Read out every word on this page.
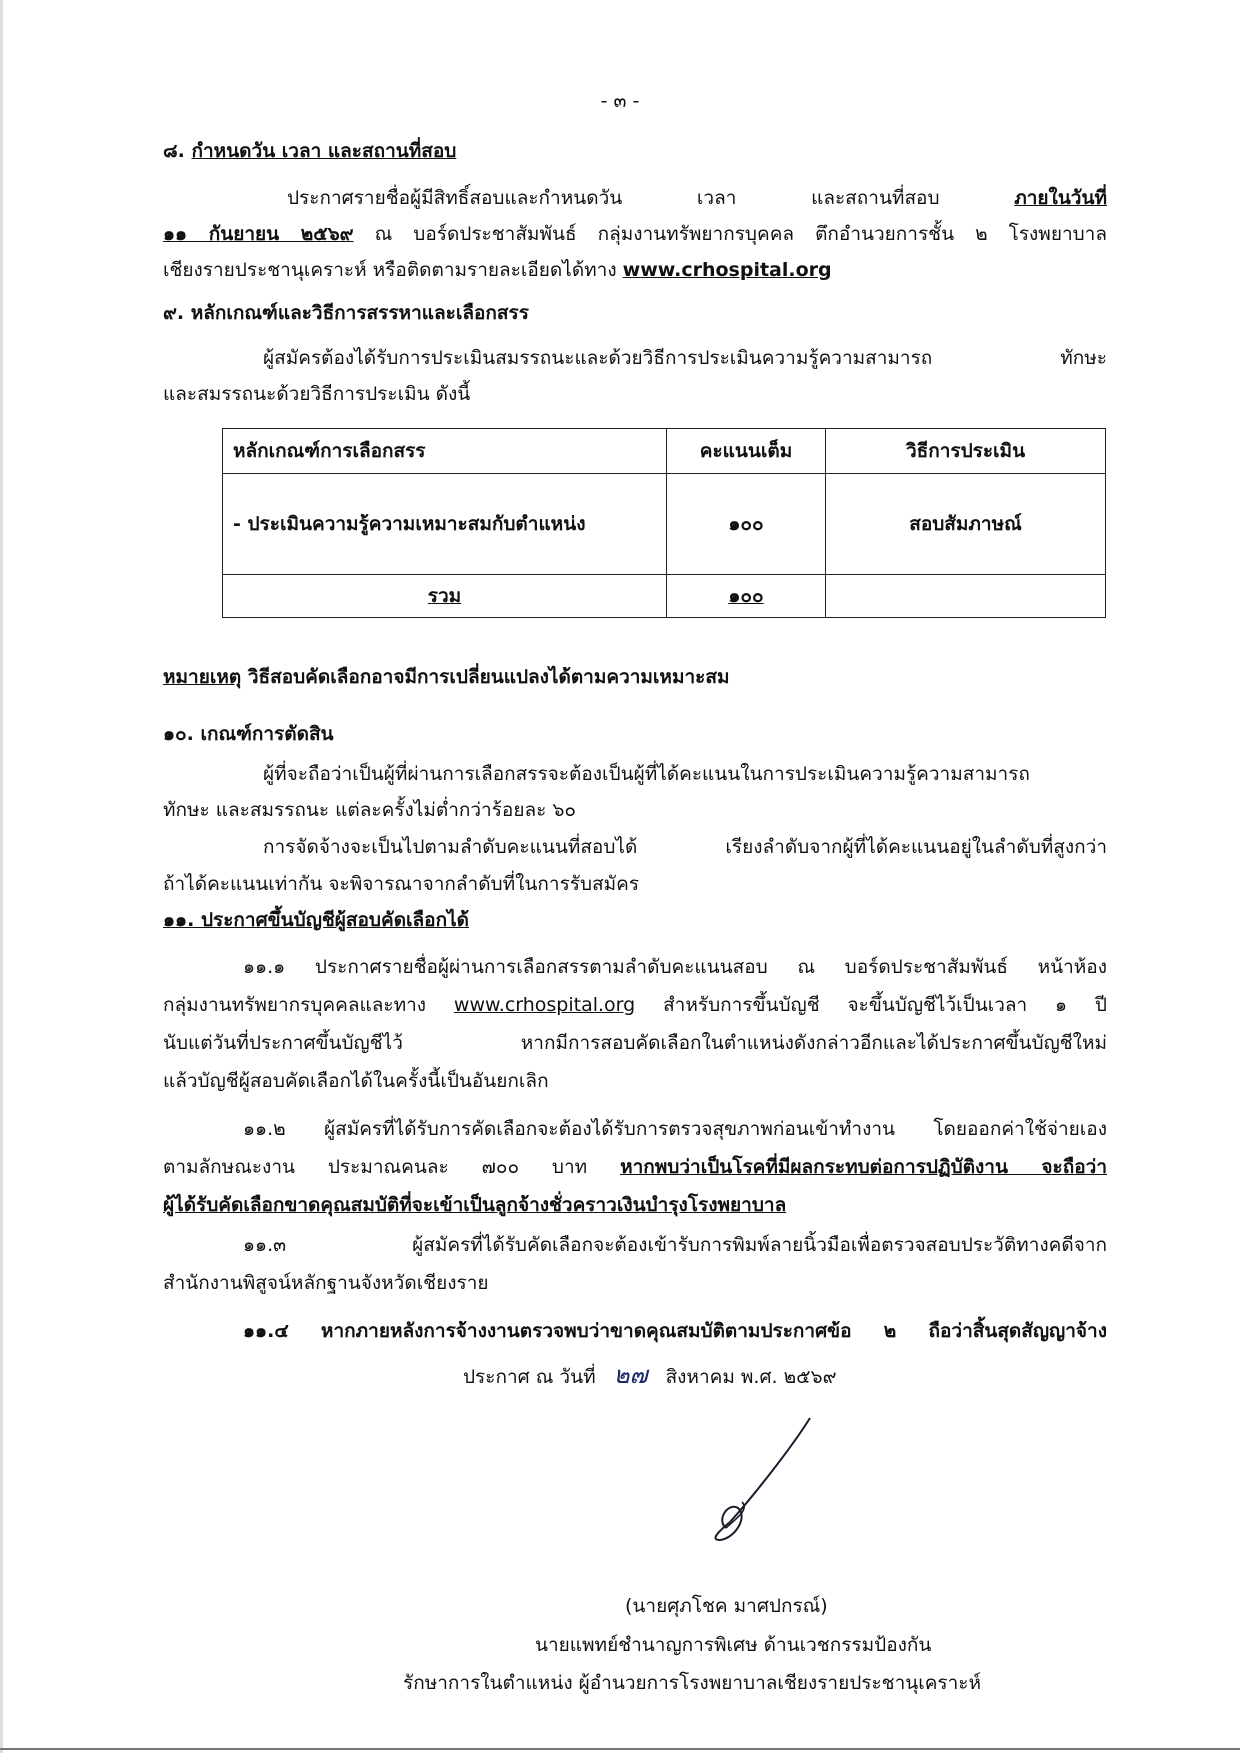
- ๓ -
๘. กำหนดวัน เวลา และสถานที่สอบ
ประกาศรายชื่อผู้มีสิทธิ์สอบและกำหนดวัน เวลา และสถานที่สอบ ภายในวันที่
๑๑ กันยายน ๒๕๖๙ ณ บอร์ดประชาสัมพันธ์ กลุ่มงานทรัพยากรบุคคล ตึกอำนวยการชั้น ๒ โรงพยาบาล
เชียงรายประชานุเคราะห์ หรือติดตามรายละเอียดได้ทาง www.crhospital.org
๙. หลักเกณฑ์และวิธีการสรรหาและเลือกสรร
ผู้สมัครต้องได้รับการประเมินสมรรถนะและด้วยวิธีการประเมินความรู้ความสามารถ ทักษะ
และสมรรถนะด้วยวิธีการประเมิน ดังนี้
หลักเกณฑ์การเลือกสรร	คะแนนเต็ม	วิธีการประเมิน
- ประเมินความรู้ความเหมาะสมกับตำแหน่ง	๑๐๐	สอบสัมภาษณ์
รวม	๑๐๐	
หมายเหตุ วิธีสอบคัดเลือกอาจมีการเปลี่ยนแปลงได้ตามความเหมาะสม
๑๐. เกณฑ์การตัดสิน
ผู้ที่จะถือว่าเป็นผู้ที่ผ่านการเลือกสรรจะต้องเป็นผู้ที่ได้คะแนนในการประเมินความรู้ความสามารถ
ทักษะ และสมรรถนะ แต่ละครั้งไม่ต่ำกว่าร้อยละ ๖๐
การจัดจ้างจะเป็นไปตามลำดับคะแนนที่สอบได้ เรียงลำดับจากผู้ที่ได้คะแนนอยู่ในลำดับที่สูงกว่า
ถ้าได้คะแนนเท่ากัน จะพิจารณาจากลำดับที่ในการรับสมัคร
๑๑. ประกาศขึ้นบัญชีผู้สอบคัดเลือกได้
๑๑.๑ ประกาศรายชื่อผู้ผ่านการเลือกสรรตามลำดับคะแนนสอบ ณ บอร์ดประชาสัมพันธ์ หน้าห้อง
กลุ่มงานทรัพยากรบุคคลและทาง www.crhospital.org สำหรับการขึ้นบัญชี จะขึ้นบัญชีไว้เป็นเวลา ๑ ปี
นับแต่วันที่ประกาศขึ้นบัญชีไว้ หากมีการสอบคัดเลือกในตำแหน่งดังกล่าวอีกและได้ประกาศขึ้นบัญชีใหม่
แล้วบัญชีผู้สอบคัดเลือกได้ในครั้งนี้เป็นอันยกเลิก
๑๑.๒ ผู้สมัครที่ได้รับการคัดเลือกจะต้องได้รับการตรวจสุขภาพก่อนเข้าทำงาน โดยออกค่าใช้จ่ายเอง
ตามลักษณะงาน ประมาณคนละ ๗๐๐ บาท หากพบว่าเป็นโรคที่มีผลกระทบต่อการปฏิบัติงาน จะถือว่า
ผู้ได้รับคัดเลือกขาดคุณสมบัติที่จะเข้าเป็นลูกจ้างชั่วคราวเงินบำรุงโรงพยาบาล
๑๑.๓ ผู้สมัครที่ได้รับคัดเลือกจะต้องเข้ารับการพิมพ์ลายนิ้วมือเพื่อตรวจสอบประวัติทางคดีจาก
สำนักงานพิสูจน์หลักฐานจังหวัดเชียงราย
๑๑.๔ หากภายหลังการจ้างงานตรวจพบว่าขาดคุณสมบัติตามประกาศข้อ ๒ ถือว่าสิ้นสุดสัญญาจ้าง
ประกาศ ณ วันที่ ๒๗ สิงหาคม พ.ศ. ๒๕๖๙
(นายศุภโชค มาศปกรณ์)
นายแพทย์ชำนาญการพิเศษ ด้านเวชกรรมป้องกัน
รักษาการในตำแหน่ง ผู้อำนวยการโรงพยาบาลเชียงรายประชานุเคราะห์
